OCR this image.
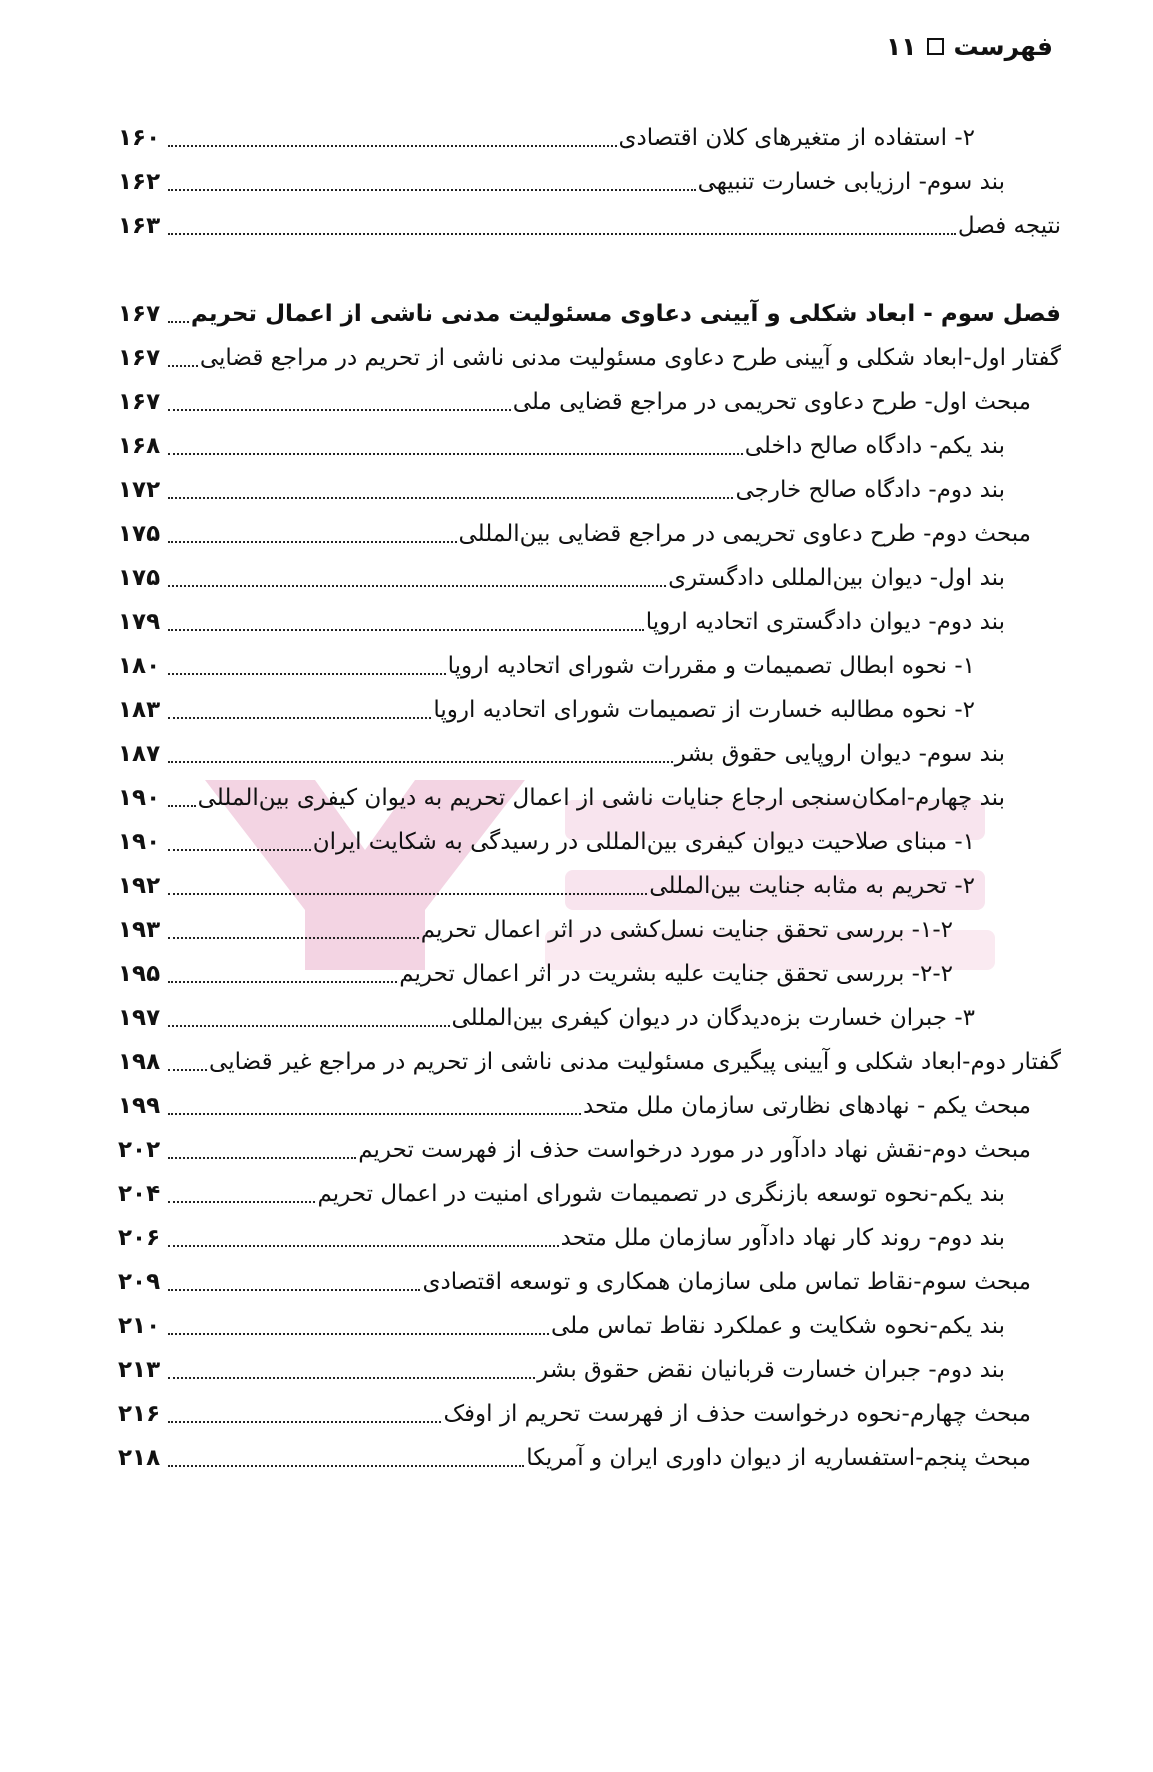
فهرست
۱۱
۲- استفاده از متغیرهای کلان اقتصادی
۱۶۰
بند سوم- ارزیابی خسارت تنبیهی
۱۶۲
نتیجه فصل
۱۶۳
فصل سوم - ابعاد شکلی و آیینی دعاوی مسئولیت مدنی ناشی از اعمال تحریم
۱۶۷
گفتار اول-ابعاد شکلی و آیینی طرح دعاوی مسئولیت مدنی ناشی از تحریم در مراجع قضایی
۱۶۷
مبحث اول- طرح دعاوی تحریمی در مراجع قضایی ملی
۱۶۷
بند یکم- دادگاه صالح داخلی
۱۶۸
بند دوم- دادگاه صالح خارجی
۱۷۲
مبحث دوم- طرح دعاوی تحریمی در مراجع قضایی بین‌المللی
۱۷۵
بند اول- دیوان بین‌المللی دادگستری
۱۷۵
بند دوم- دیوان دادگستری اتحادیه اروپا
۱۷۹
۱- نحوه ابطال تصمیمات و مقررات شورای اتحادیه اروپا
۱۸۰
۲- نحوه مطالبه خسارت از تصمیمات شورای اتحادیه اروپا
۱۸۳
بند سوم- دیوان اروپایی حقوق بشر
۱۸۷
بند چهارم-امکان‌سنجی ارجاع جنایات ناشی از اعمال تحریم به دیوان کیفری بین‌المللی
۱۹۰
۱- مبنای صلاحیت دیوان کیفری بین‌المللی در رسیدگی به شکایت ایران
۱۹۰
۲- تحریم به مثابه جنایت بین‌المللی
۱۹۲
۱-۲- بررسی تحقق جنایت نسل‌کشی در اثر اعمال تحریم
۱۹۳
۲-۲- بررسی تحقق جنایت علیه بشریت در اثر اعمال تحریم
۱۹۵
۳- جبران خسارت بزه‌دیدگان در دیوان کیفری بین‌المللی
۱۹۷
گفتار دوم-ابعاد شکلی و آیینی پیگیری مسئولیت مدنی ناشی از تحریم در مراجع غیر قضایی
۱۹۸
مبحث یکم - نهادهای نظارتی سازمان ملل متحد
۱۹۹
مبحث دوم-نقش نهاد دادآور در مورد درخواست حذف از فهرست تحریم
۲۰۲
بند یکم-نحوه توسعه بازنگری در تصمیمات شورای امنیت در اعمال تحریم
۲۰۴
بند دوم- روند کار نهاد دادآور سازمان ملل متحد
۲۰۶
مبحث سوم-نقاط تماس ملی سازمان همکاری و توسعه اقتصادی
۲۰۹
بند یکم-نحوه شکایت و عملکرد نقاط تماس ملی
۲۱۰
بند دوم- جبران خسارت قربانیان نقض حقوق بشر
۲۱۳
مبحث چهارم-نحوه درخواست حذف از فهرست تحریم از اوفک
۲۱۶
مبحث پنجم-استفساریه از دیوان داوری ایران و آمریکا
۲۱۸
